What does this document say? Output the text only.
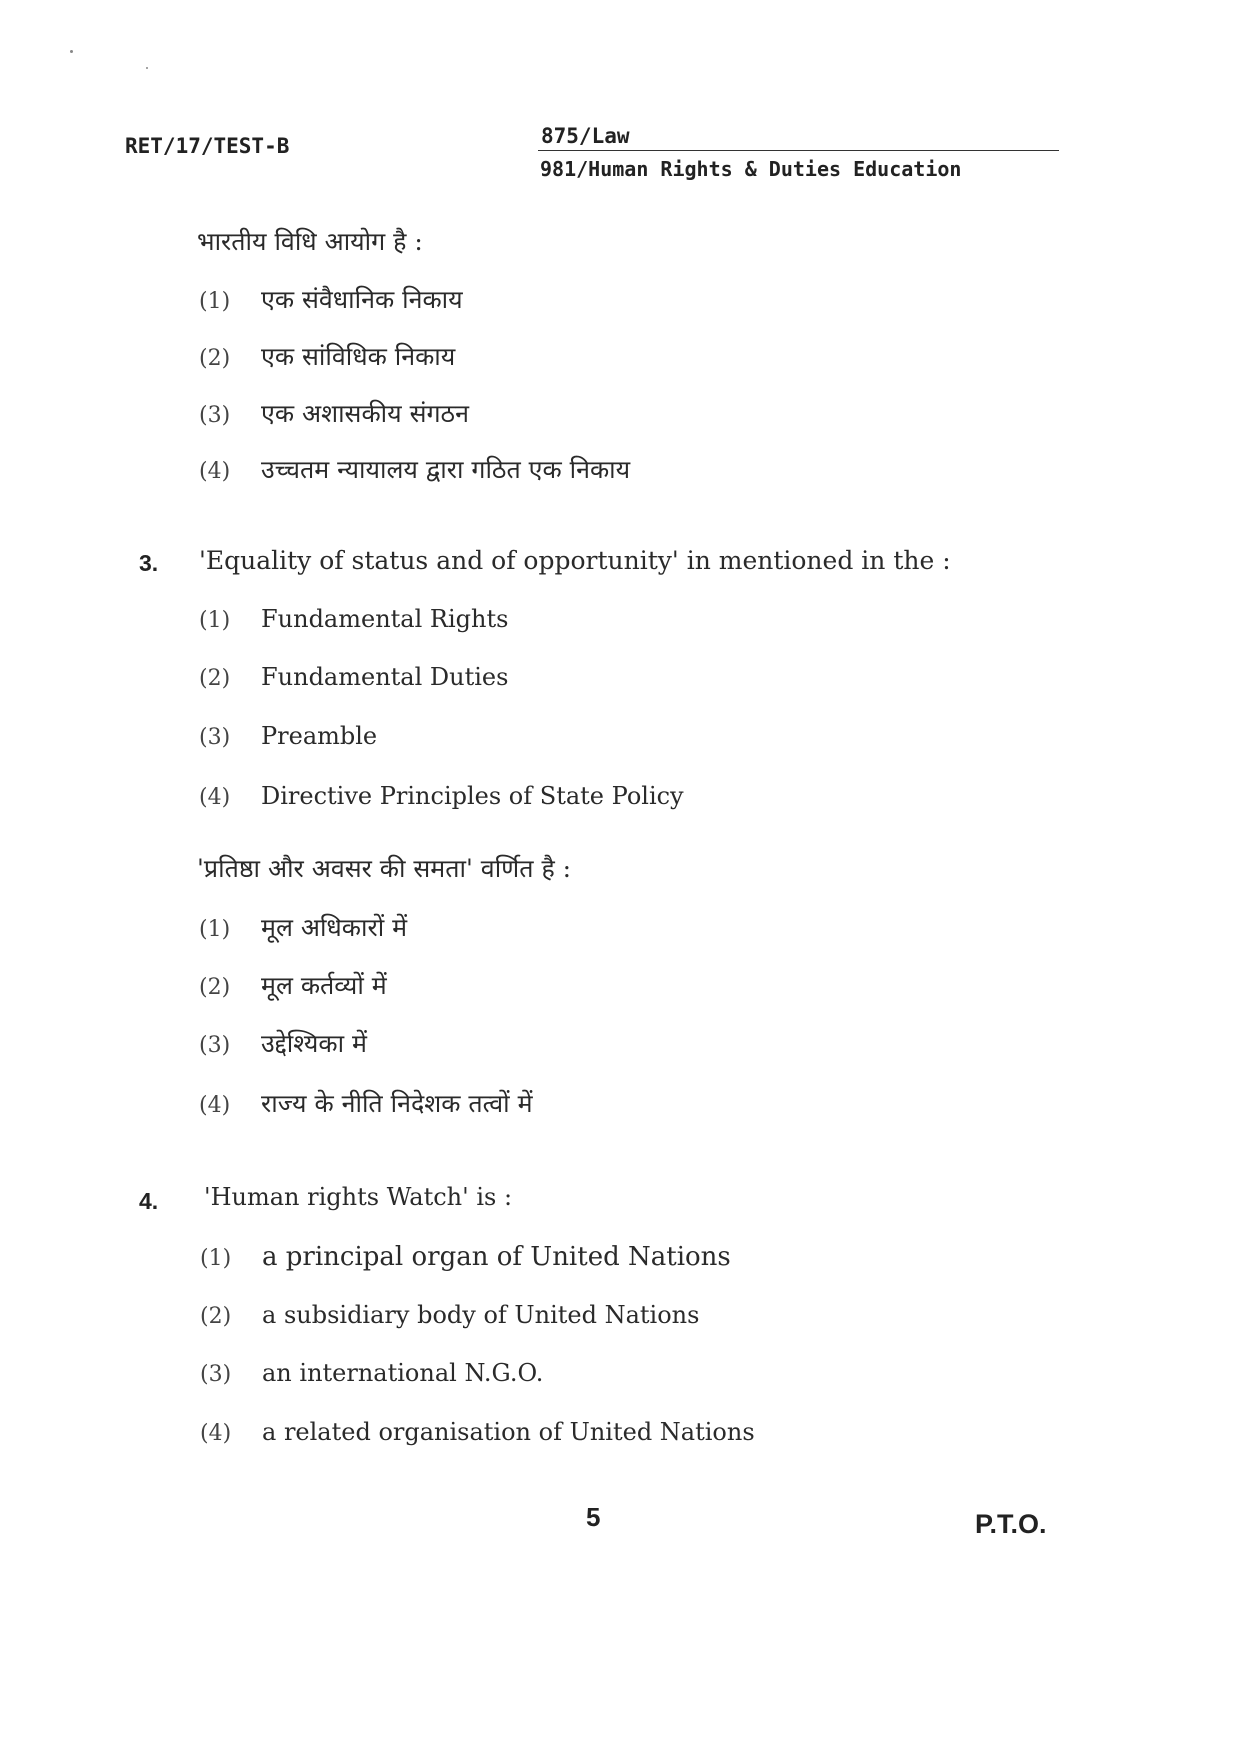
RET/17/TEST-B	875/Law
981/Human Rights & Duties Education
भारतीय विधि आयोग है :
(1) एक संवैधानिक निकाय
(2) एक सांविधिक निकाय
(3) एक अशासकीय संगठन
(4) उच्चतम न्यायालय द्वारा गठित एक निकाय
3. 'Equality of status and of opportunity' in mentioned in the :
(1) Fundamental Rights
(2) Fundamental Duties
(3) Preamble
(4) Directive Principles of State Policy
'प्रतिष्ठा और अवसर की समता' वर्णित है :
(1) मूल अधिकारों में
(2) मूल कर्तव्यों में
(3) उद्देश्यिका में
(4) राज्य के नीति निदेशक तत्वों में
4. 'Human rights Watch' is :
(1) a principal organ of United Nations
(2) a subsidiary body of United Nations
(3) an international N.G.O.
(4) a related organisation of United Nations
5	P.T.O.
